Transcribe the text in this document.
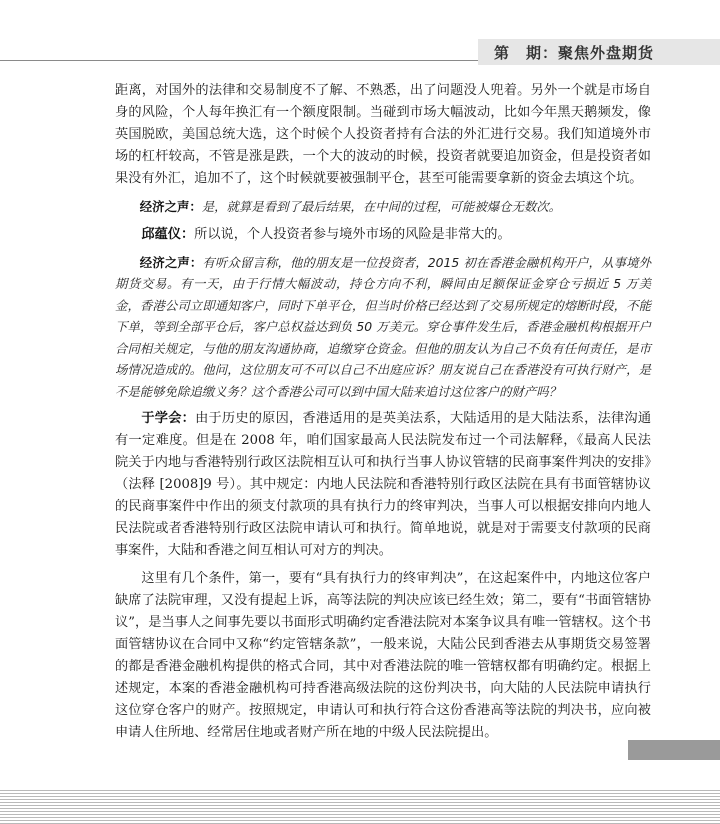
第　期：聚焦外盘期货

距离，对国外的法律和交易制度不了解、不熟悉，出了问题没人兜着。另外一个就是市场自身的风险，个人每年换汇有一个额度限制。当碰到市场大幅波动，比如今年黑天鹅频发，像英国脱欧，美国总统大选，这个时候个人投资者持有合法的外汇进行交易。我们知道境外市场的杠杆较高，不管是涨是跌，一个大的波动的时候，投资者就要追加资金，但是投资者如果没有外汇，追加不了，这个时候就要被强制平仓，甚至可能需要拿新的资金去填这个坑。

经济之声：是，就算是看到了最后结果，在中间的过程，可能被爆仓无数次。

邱蕴仪：所以说，个人投资者参与境外市场的风险是非常大的。

经济之声：有听众留言称，他的朋友是一位投资者，2015 初在香港金融机构开户，从事境外期货交易。有一天，由于行情大幅波动，持仓方向不利，瞬间由足额保证金穿仓亏损近 5 万美金，香港公司立即通知客户，同时下单平仓，但当时价格已经达到了交易所规定的熔断时段，不能下单，等到全部平仓后，客户总权益达到负 50 万美元。穿仓事件发生后，香港金融机构根据开户合同相关规定，与他的朋友沟通协商，追缴穿仓资金。但他的朋友认为自己不负有任何责任，是市场情况造成的。他问，这位朋友可不可以自己不出庭应诉？朋友说自己在香港没有可执行财产，是不是能够免除追缴义务？这个香港公司可以到中国大陆来追讨这位客户的财产吗？

于学会：由于历史的原因，香港适用的是英美法系，大陆适用的是大陆法系，法律沟通有一定难度。但是在 2008 年，咱们国家最高人民法院发布过一个司法解释，《最高人民法院关于内地与香港特别行政区法院相互认可和执行当事人协议管辖的民商事案件判决的安排》（法释 [2008]9 号）。其中规定：内地人民法院和香港特别行政区法院在具有书面管辖协议的民商事案件中作出的须支付款项的具有执行力的终审判决，当事人可以根据安排向内地人民法院或者香港特别行政区法院申请认可和执行。简单地说，就是对于需要支付款项的民商事案件，大陆和香港之间互相认可对方的判决。

这里有几个条件，第一，要有“具有执行力的终审判决”，在这起案件中，内地这位客户缺席了法院审理，又没有提起上诉，高等法院的判决应该已经生效；第二，要有“书面管辖协议”，是当事人之间事先要以书面形式明确约定香港法院对本案争议具有唯一管辖权。这个书面管辖协议在合同中又称“约定管辖条款”，一般来说，大陆公民到香港去从事期货交易签署的都是香港金融机构提供的格式合同，其中对香港法院的唯一管辖权都有明确约定。根据上述规定，本案的香港金融机构可持香港高级法院的这份判决书，向大陆的人民法院申请执行这位穿仓客户的财产。按照规定，申请认可和执行符合这份香港高等法院的判决书，应向被申请人住所地、经常居住地或者财产所在地的中级人民法院提出。
